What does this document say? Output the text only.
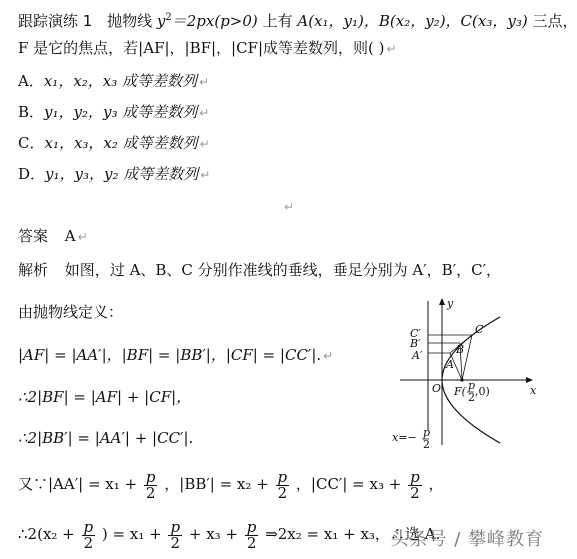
跟踪演练 1 抛物线 $y^2=2px(p>0)$ 上有 A(x₁，y₁)，B(x₂，y₂)，C(x₃，y₃) 三点，
F 是它的焦点，若|AF|，|BF|，|CF|成等差数列，则( ) ↵
A．x₁，x₂，x₃ 成等差数列 ↵
B．y₁，y₂，y₃ 成等差数列 ↵
C．x₁，x₃，x₂ 成等差数列 ↵
D．y₁，y₃，y₂ 成等差数列 ↵
↵
答案 A ↵
解析 如图，过 A、B、C 分别作准线的垂线，垂足分别为 A′，B′，C′，
由抛物线定义：
|AF| = |AA′|，|BF| = |BB′|，|CF| = |CC′|. ↵
∴2|BF| = |AF| + |CF|，
∴2|BB′| = |AA′| + |CC′|.
又∵|AA′| = $x_1 + \frac{p}{2}$ ，$|BB'| = x_2 + \frac{p}{2}$ ，$|CC'| = x_3 + \frac{p}{2}$ ，
∴2(x₂ + $\frac{p}{2}$ ) = $x_1 + \frac{p}{2} + x_3 + \frac{p}{2}$ ⇒2x₂ = x₁ + x₃，∴选 A.
y
x
O
C
B
A
C′
B′
A′
F( p
2 ,0)
x=− p
2
头条号 / 攀峰教育
